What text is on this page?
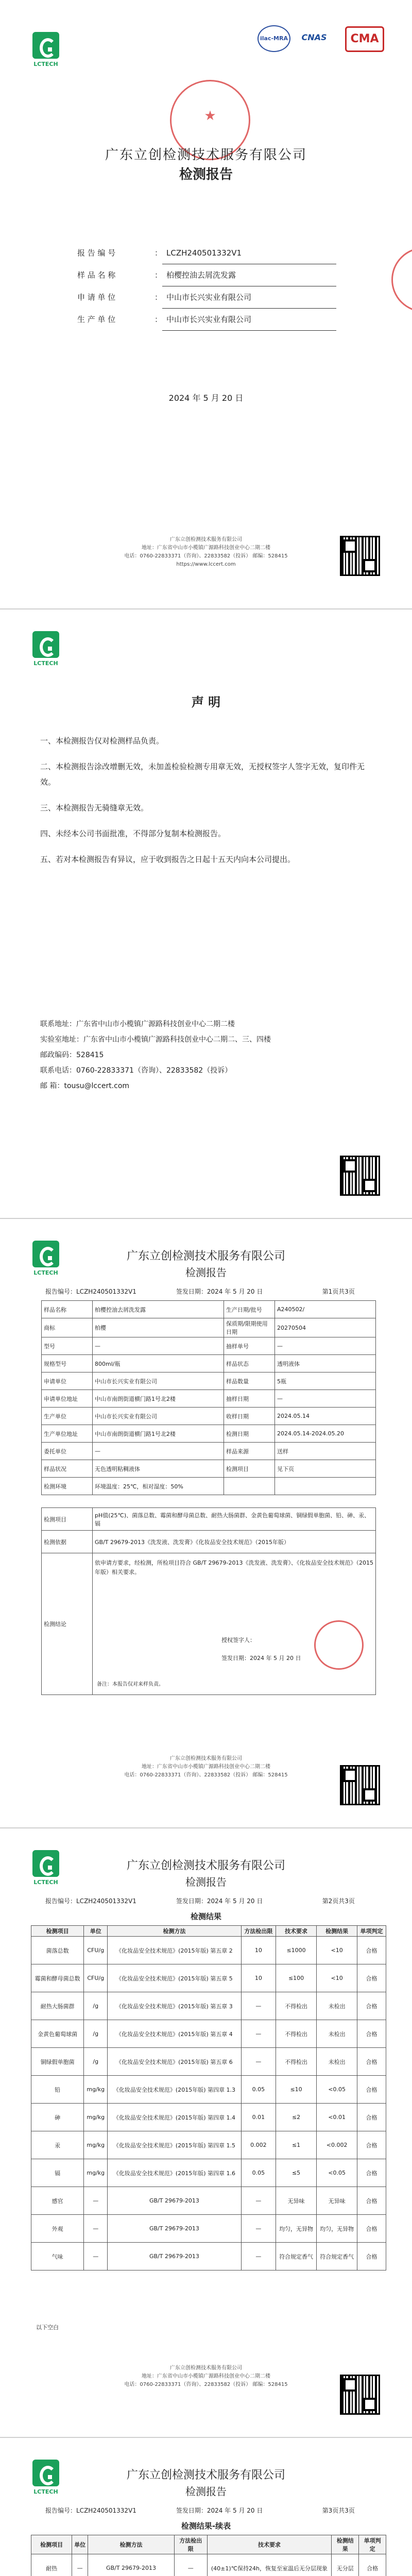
LCTECH
ilac-MRA	CNAS	CMA
★
广东立创检测技术服务有限公司
检测报告
报 告 编 号	： LCZH240501332V1
样 品 名 称	： 柏樱控油去屑洗发露
申 请 单 位	： 中山市长兴实业有限公司
生 产 单 位	： 中山市长兴实业有限公司
2024 年 5 月 20 日
广东立创检测技术服务有限公司
地址：广东省中山市小榄镇广源路科技创业中心二期二楼
电话：0760-22833371（咨询）、22833582（投诉） 邮编：528415
https://www.lccert.com
LCTECH
声 明
一、本检测报告仅对检测样品负责。
二、本检测报告涂改增删无效，未加盖检验检测专用章无效，无授权签字人签字无效，复印件无效。
三、本检测报告无骑缝章无效。
四、未经本公司书面批准，不得部分复制本检测报告。
五、若对本检测报告有异议，应于收到报告之日起十五天内向本公司提出。
联系地址：广东省中山市小榄镇广源路科技创业中心二期二楼
实验室地址：广东省中山市小榄镇广源路科技创业中心二期二、三、四楼
邮政编码：528415
联系电话：0760-22833371（咨询）、22833582（投诉）
邮 箱：tousu@lccert.com
LCTECH
广东立创检测技术服务有限公司
检测报告
报告编号：LCZH240501332V1	签发日期：2024 年 5 月 20 日	第1页共3页
样品名称	柏樱控油去屑洗发露	生产日期/批号	A240502/
商标	柏樱	保质期/限期使用日期	20270504
型号	—	抽样单号	—
规格型号	800ml/瓶	样品状态	透明液体
申请单位	中山市长兴实业有限公司	样品数量	5瓶
申请单位地址	中山市南朗街道横门路1号北2楼	抽样日期	—
生产单位	中山市长兴实业有限公司	收样日期	2024.05.14
生产单位地址	中山市南朗街道横门路1号北2楼	检测日期	2024.05.14-2024.05.20
委托单位	—	样品来源	送样
样品状况	无色透明粘稠液体	检测项目	见下页
检测环境	环境温度：25℃，相对湿度：50%		
检测项目	pH值(25℃)、菌落总数、霉菌和酵母菌总数、耐热大肠菌群、金黄色葡萄球菌、铜绿假单胞菌、铅、砷、汞、镉
检测依据	GB/T 29679-2013《洗发液、洗发膏》《化妆品安全技术规范》（2015年版）
检测结论	依申请方要求，经检测，所检项目符合 GB/T 29679-2013《洗发液、洗发膏》、《化妆品安全技术规范》（2015年版）相关要求。
授权签字人：
签发日期：2024 年 5 月 20 日
备注：本报告仅对来样负责。
广东立创检测技术服务有限公司
地址：广东省中山市小榄镇广源路科技创业中心二期二楼
电话：0760-22833371（咨询）、22833582（投诉） 邮编：528415
LCTECH
广东立创检测技术服务有限公司
检测报告
报告编号：LCZH240501332V1	签发日期：2024 年 5 月 20 日	第2页共3页
检测结果
检测项目	单位	检测方法	方法检出限	技术要求	检测结果	单项判定
菌落总数	CFU/g	《化妆品安全技术规范》(2015年版) 第五章 2	10	≤1000	<10	合格
霉菌和酵母菌总数	CFU/g	《化妆品安全技术规范》(2015年版) 第五章 5	10	≤100	<10	合格
耐热大肠菌群	/g	《化妆品安全技术规范》(2015年版) 第五章 3	—	不得检出	未检出	合格
金黄色葡萄球菌	/g	《化妆品安全技术规范》(2015年版) 第五章 4	—	不得检出	未检出	合格
铜绿假单胞菌	/g	《化妆品安全技术规范》(2015年版) 第五章 6	—	不得检出	未检出	合格
铅	mg/kg	《化妆品安全技术规范》(2015年版) 第四章 1.3	0.05	≤10	<0.05	合格
砷	mg/kg	《化妆品安全技术规范》(2015年版) 第四章 1.4	0.01	≤2	<0.01	合格
汞	mg/kg	《化妆品安全技术规范》(2015年版) 第四章 1.5	0.002	≤1	<0.002	合格
镉	mg/kg	《化妆品安全技术规范》(2015年版) 第四章 1.6	0.05	≤5	<0.05	合格
感官	—	GB/T 29679-2013	—	无异味	无异味	合格
外观	—	GB/T 29679-2013	—	均匀，无异物	均匀，无异物	合格
气味	—	GB/T 29679-2013	—	符合规定香气	符合规定香气	合格
以下空白
广东立创检测技术服务有限公司
地址：广东省中山市小榄镇广源路科技创业中心二期二楼
电话：0760-22833371（咨询）、22833582（投诉） 邮编：528415
LCTECH
广东立创检测技术服务有限公司
检测报告
报告编号：LCZH240501332V1	签发日期：2024 年 5 月 20 日	第3页共3页
检测结果-续表
检测项目	单位	检测方法	方法检出限	技术要求	检测结果	单项判定
耐热	—	GB/T 29679-2013	—	(40±1)℃保持24h，恢复至室温后无分层现象	无分层	合格
